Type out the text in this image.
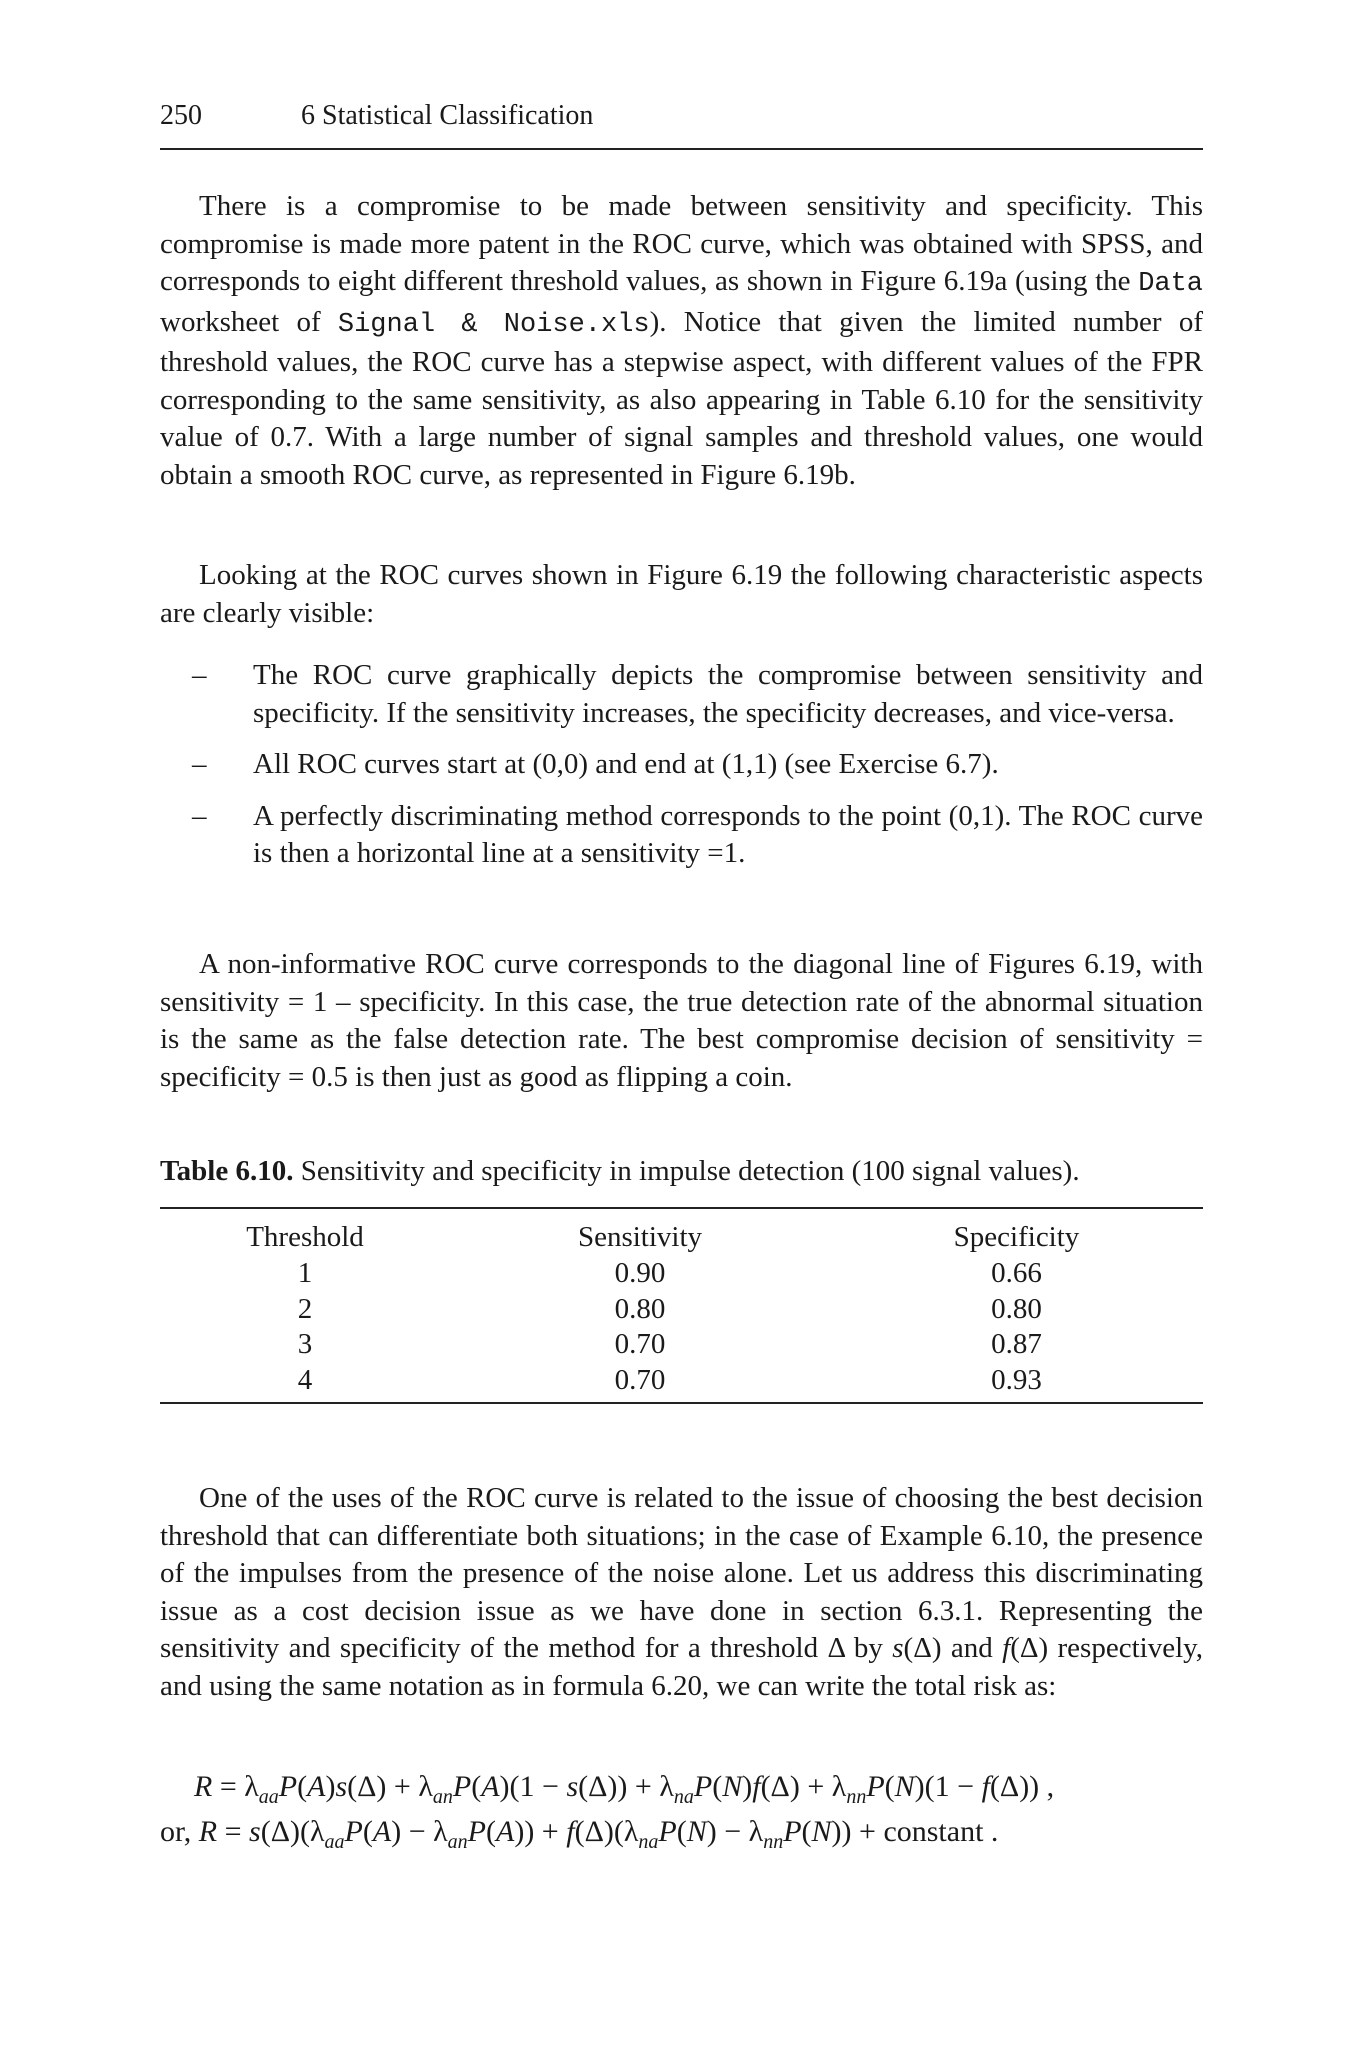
250	6 Statistical Classification

There is a compromise to be made between sensitivity and specificity. This compromise is made more patent in the ROC curve, which was obtained with SPSS, and corresponds to eight different threshold values, as shown in Figure 6.19a (using the Data worksheet of Signal & Noise.xls). Notice that given the limited number of threshold values, the ROC curve has a stepwise aspect, with different values of the FPR corresponding to the same sensitivity, as also appearing in Table 6.10 for the sensitivity value of 0.7. With a large number of signal samples and threshold values, one would obtain a smooth ROC curve, as represented in Figure 6.19b.

Looking at the ROC curves shown in Figure 6.19 the following characteristic aspects are clearly visible:

– The ROC curve graphically depicts the compromise between sensitivity and specificity. If the sensitivity increases, the specificity decreases, and vice-versa.
– All ROC curves start at (0,0) and end at (1,1) (see Exercise 6.7).
– A perfectly discriminating method corresponds to the point (0,1). The ROC curve is then a horizontal line at a sensitivity =1.

A non-informative ROC curve corresponds to the diagonal line of Figures 6.19, with sensitivity = 1 – specificity. In this case, the true detection rate of the abnormal situation is the same as the false detection rate. The best compromise decision of sensitivity = specificity = 0.5 is then just as good as flipping a coin.

Table 6.10. Sensitivity and specificity in impulse detection (100 signal values).
Threshold	Sensitivity	Specificity
1	0.90	0.66
2	0.80	0.80
3	0.70	0.87
4	0.70	0.93

One of the uses of the ROC curve is related to the issue of choosing the best decision threshold that can differentiate both situations; in the case of Example 6.10, the presence of the impulses from the presence of the noise alone. Let us address this discriminating issue as a cost decision issue as we have done in section 6.3.1. Representing the sensitivity and specificity of the method for a threshold Δ by s(Δ) and f(Δ) respectively, and using the same notation as in formula 6.20, we can write the total risk as:

$R = \lambda_{aa}P(A)s(\Delta) + \lambda_{an}P(A)(1 - s(\Delta)) + \lambda_{na}P(N)f(\Delta) + \lambda_{nn}P(N)(1 - f(\Delta))$ ,
or, $R = s(\Delta)(\lambda_{aa}P(A) - \lambda_{an}P(A)) + f(\Delta)(\lambda_{na}P(N) - \lambda_{nn}P(N))$ + constant .
